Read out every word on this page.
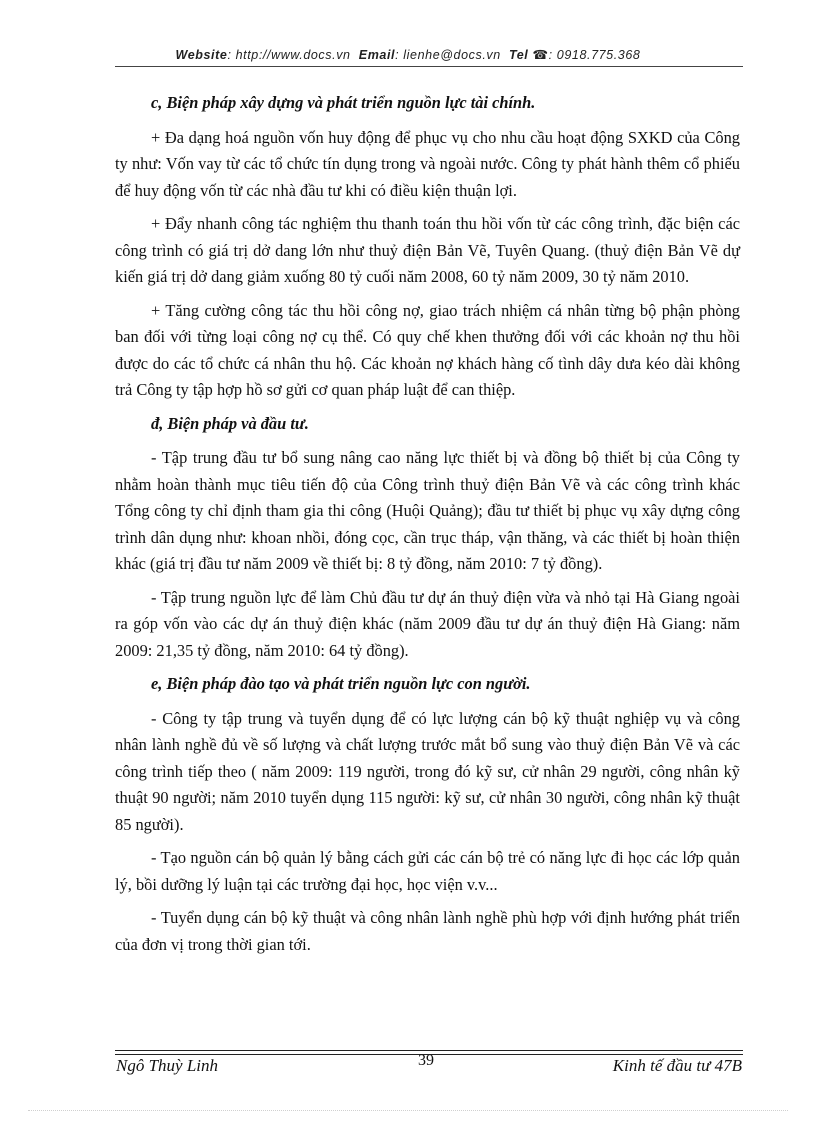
Website: http://www.docs.vn Email: lienhe@docs.vn Tel ☎: 0918.775.368

c, Biện pháp xây dựng và phát triển nguồn lực tài chính.

+ Đa dạng hoá nguồn vốn huy động để phục vụ cho nhu cầu hoạt động SXKD của Công ty như: Vốn vay từ các tổ chức tín dụng trong và ngoài nước. Công ty phát hành thêm cổ phiếu để huy động vốn từ các nhà đầu tư khi có điều kiện thuận lợi.

+ Đẩy nhanh công tác nghiệm thu thanh toán thu hồi vốn từ các công trình, đặc biện các công trình có giá trị dở dang lớn như thuỷ điện Bản Vẽ, Tuyên Quang. (thuỷ điện Bản Vẽ dự kiến giá trị dở dang giảm xuống 80 tỷ cuối năm 2008, 60 tỷ năm 2009, 30 tỷ năm 2010.

+ Tăng cường công tác thu hồi công nợ, giao trách nhiệm cá nhân từng bộ phận phòng ban đối với từng loại công nợ cụ thể. Có quy chế khen thưởng đối với các khoản nợ thu hồi được do các tổ chức cá nhân thu hộ. Các khoản nợ khách hàng cố tình dây dưa kéo dài không trả Công ty tập hợp hồ sơ gửi cơ quan pháp luật để can thiệp.

đ, Biện pháp và đầu tư.

- Tập trung đầu tư bổ sung nâng cao năng lực thiết bị và đồng bộ thiết bị của Công ty nhằm hoàn thành mục tiêu tiến độ của Công trình thuỷ điện Bản Vẽ và các công trình khác Tổng công ty chỉ định tham gia thi công (Huội Quảng); đầu tư thiết bị phục vụ xây dựng công trình dân dụng như: khoan nhồi, đóng cọc, cần trục tháp, vận thăng, và các thiết bị hoàn thiện khác (giá trị đầu tư năm 2009 về thiết bị: 8 tỷ đồng, năm 2010: 7 tỷ đồng).

- Tập trung nguồn lực để làm Chủ đầu tư dự án thuỷ điện vừa và nhỏ tại Hà Giang ngoài ra góp vốn vào các dự án thuỷ điện khác (năm 2009 đầu tư dự án thuỷ điện Hà Giang: năm 2009: 21,35 tỷ đồng, năm 2010: 64 tỷ đồng).

e, Biện pháp đào tạo và phát triển nguồn lực con người.

- Công ty tập trung và tuyển dụng để có lực lượng cán bộ kỹ thuật nghiệp vụ và công nhân lành nghề đủ về số lượng và chất lượng trước mắt bổ sung vào thuỷ điện Bản Vẽ và các công trình tiếp theo ( năm 2009: 119 người, trong đó kỹ sư, cử nhân 29 người, công nhân kỹ thuật 90 người; năm 2010 tuyển dụng 115 người: kỹ sư, cử nhân 30 người, công nhân kỹ thuật 85 người).

- Tạo nguồn cán bộ quản lý bằng cách gửi các cán bộ trẻ có năng lực đi học các lớp quản lý, bồi dưỡng lý luận tại các trường đại học, học viện v.v...

- Tuyển dụng cán bộ kỹ thuật và công nhân lành nghề phù hợp với định hướng phát triển của đơn vị trong thời gian tới.

Ngô Thuỳ Linh	39	Kinh tế đầu tư 47B
